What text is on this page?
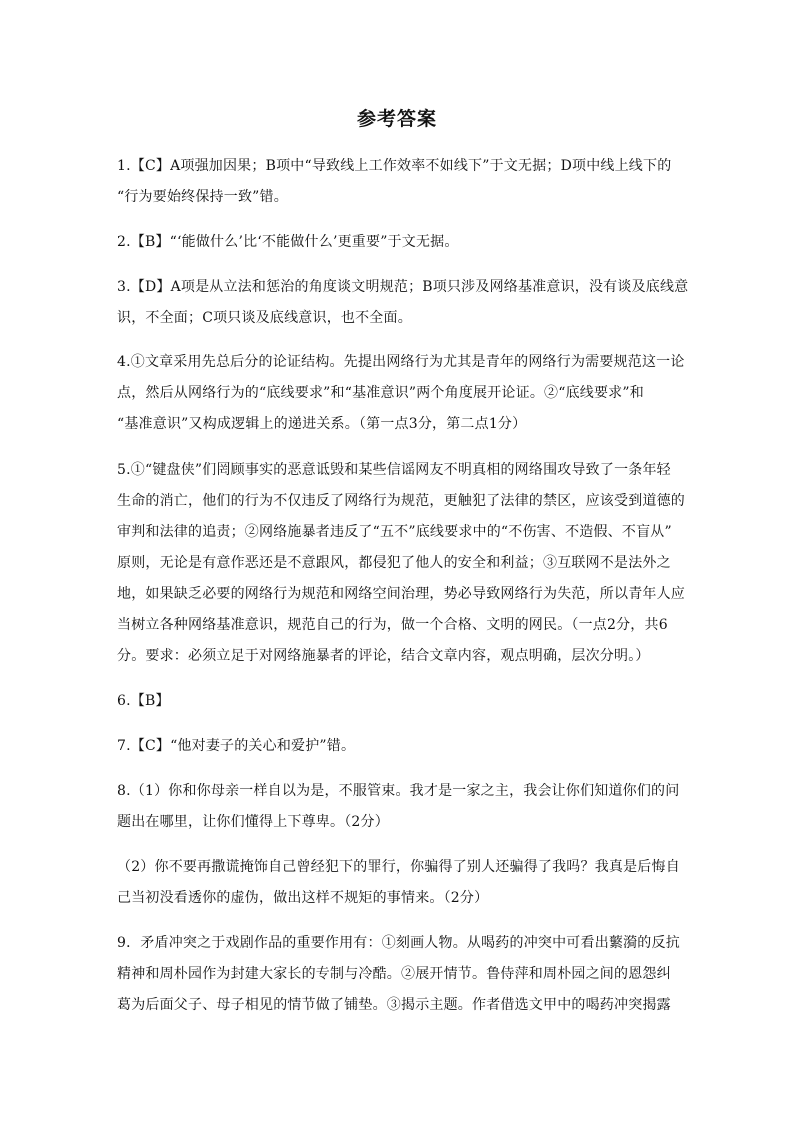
参考答案
1.【C】A项强加因果；B项中“导致线上工作效率不如线下”于文无据；D项中线上线下的
“行为要始终保持一致”错。
2.【B】“‘能做什么’比‘不能做什么’更重要”于文无据。
3.【D】A项是从立法和惩治的角度谈文明规范；B项只涉及网络基准意识，没有谈及底线意
识，不全面；C项只谈及底线意识，也不全面。
4.①文章采用先总后分的论证结构。先提出网络行为尤其是青年的网络行为需要规范这一论
点，然后从网络行为的“底线要求”和“基准意识”两个角度展开论证。②“底线要求”和
“基准意识”又构成逻辑上的递进关系。（第一点3分，第二点1分）
5.①“键盘侠”们罔顾事实的恶意诋毁和某些信谣网友不明真相的网络围攻导致了一条年轻
生命的消亡，他们的行为不仅违反了网络行为规范，更触犯了法律的禁区，应该受到道德的
审判和法律的追责；②网络施暴者违反了“五不”底线要求中的“不伤害、不造假、不盲从”
原则，无论是有意作恶还是不意跟风，都侵犯了他人的安全和利益；③互联网不是法外之
地，如果缺乏必要的网络行为规范和网络空间治理，势必导致网络行为失范，所以青年人应
当树立各种网络基准意识，规范自己的行为，做一个合格、文明的网民。（一点2分，共6
分。要求：必须立足于对网络施暴者的评论，结合文章内容，观点明确，层次分明。）
6.【B】
7.【C】“他对妻子的关心和爱护”错。
8.（1）你和你母亲一样自以为是，不服管束。我才是一家之主，我会让你们知道你们的问
题出在哪里，让你们懂得上下尊卑。（2分）
（2）你不要再撒谎掩饰自己曾经犯下的罪行，你骗得了别人还骗得了我吗？我真是后悔自
己当初没看透你的虚伪，做出这样不规矩的事情来。（2分）
9．矛盾冲突之于戏剧作品的重要作用有：①刻画人物。从喝药的冲突中可看出蘩漪的反抗
精神和周朴园作为封建大家长的专制与冷酷。②展开情节。鲁侍萍和周朴园之间的恩怨纠
葛为后面父子、母子相见的情节做了铺垫。③揭示主题。作者借选文甲中的喝药冲突揭露
